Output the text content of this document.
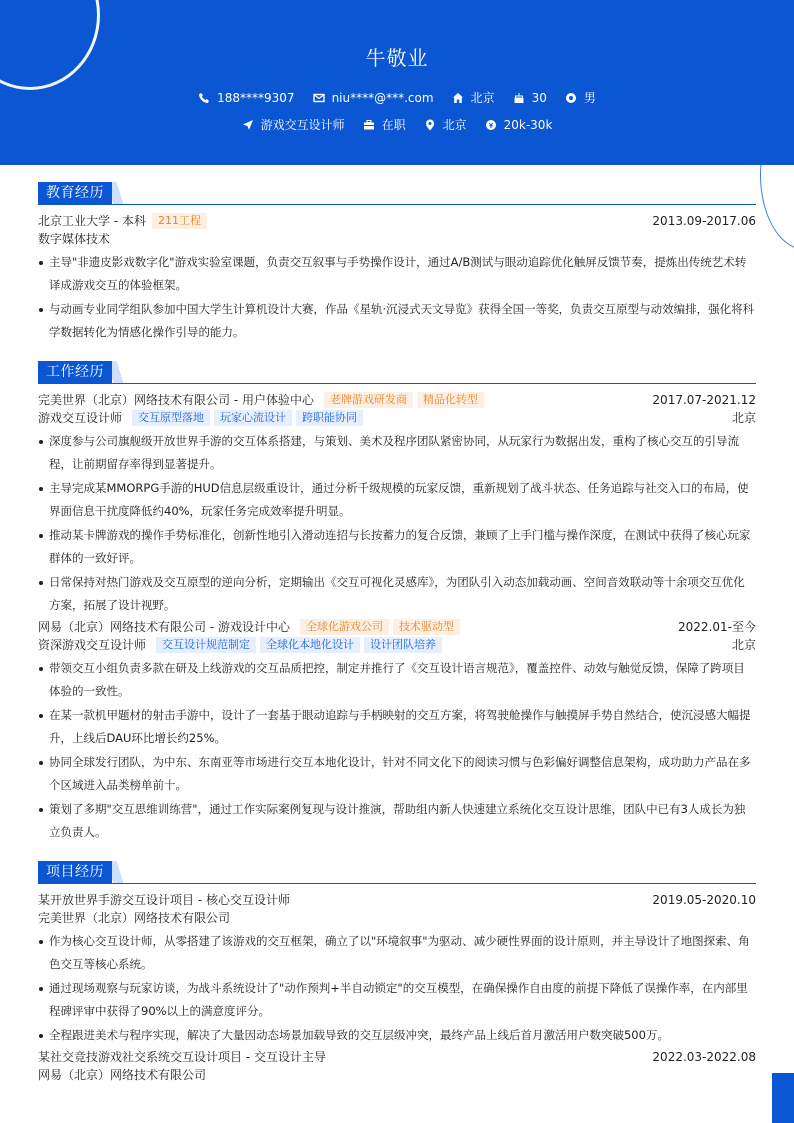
牛敬业
188****9307	niu****@***.com	北京	30	男
游戏交互设计师	在职	北京	20k-30k
教育经历
北京工业大学 - 本科	211工程	2013.09-2017.06
数字媒体技术
主导"非遗皮影戏数字化"游戏实验室课题，负责交互叙事与手势操作设计，通过A/B测试与眼动追踪优化触屏反馈节奏，提炼出传统艺术转译成游戏交互的体验框架。
与动画专业同学组队参加中国大学生计算机设计大赛，作品《星轨·沉浸式天文导览》获得全国一等奖，负责交互原型与动效编排，强化将科学数据转化为情感化操作引导的能力。
工作经历
完美世界（北京）网络技术有限公司 - 用户体验中心	老牌游戏研发商	精品化转型	2017.07-2021.12
游戏交互设计师	交互原型落地	玩家心流设计	跨职能协同	北京
深度参与公司旗舰级开放世界手游的交互体系搭建，与策划、美术及程序团队紧密协同，从玩家行为数据出发，重构了核心交互的引导流程，让前期留存率得到显著提升。
主导完成某MMORPG手游的HUD信息层级重设计，通过分析千级规模的玩家反馈，重新规划了战斗状态、任务追踪与社交入口的布局，使界面信息干扰度降低约40%，玩家任务完成效率提升明显。
推动某卡牌游戏的操作手势标准化，创新性地引入滑动连招与长按蓄力的复合反馈，兼顾了上手门槛与操作深度，在测试中获得了核心玩家群体的一致好评。
日常保持对热门游戏及交互原型的逆向分析，定期输出《交互可视化灵感库》，为团队引入动态加载动画、空间音效联动等十余项交互优化方案，拓展了设计视野。
网易（北京）网络技术有限公司 - 游戏设计中心	全球化游戏公司	技术驱动型	2022.01-至今
资深游戏交互设计师	交互设计规范制定	全球化本地化设计	设计团队培养	北京
带领交互小组负责多款在研及上线游戏的交互品质把控，制定并推行了《交互设计语言规范》，覆盖控件、动效与触觉反馈，保障了跨项目体验的一致性。
在某一款机甲题材的射击手游中，设计了一套基于眼动追踪与手柄映射的交互方案，将驾驶舱操作与触摸屏手势自然结合，使沉浸感大幅提升，上线后DAU环比增长约25%。
协同全球发行团队，为中东、东南亚等市场进行交互本地化设计，针对不同文化下的阅读习惯与色彩偏好调整信息架构，成功助力产品在多个区域进入品类榜单前十。
策划了多期"交互思维训练营"，通过工作实际案例复现与设计推演，帮助组内新人快速建立系统化交互设计思维，团队中已有3人成长为独立负责人。
项目经历
某开放世界手游交互设计项目 - 核心交互设计师	2019.05-2020.10
完美世界（北京）网络技术有限公司
作为核心交互设计师，从零搭建了该游戏的交互框架，确立了以"环境叙事"为驱动、减少硬性界面的设计原则，并主导设计了地图探索、角色交互等核心系统。
通过现场观察与玩家访谈，为战斗系统设计了"动作预判+半自动锁定"的交互模型，在确保操作自由度的前提下降低了误操作率，在内部里程碑评审中获得了90%以上的满意度评分。
全程跟进美术与程序实现，解决了大量因动态场景加载导致的交互层级冲突，最终产品上线后首月激活用户数突破500万。
某社交竞技游戏社交系统交互设计项目 - 交互设计主导	2022.03-2022.08
网易（北京）网络技术有限公司
